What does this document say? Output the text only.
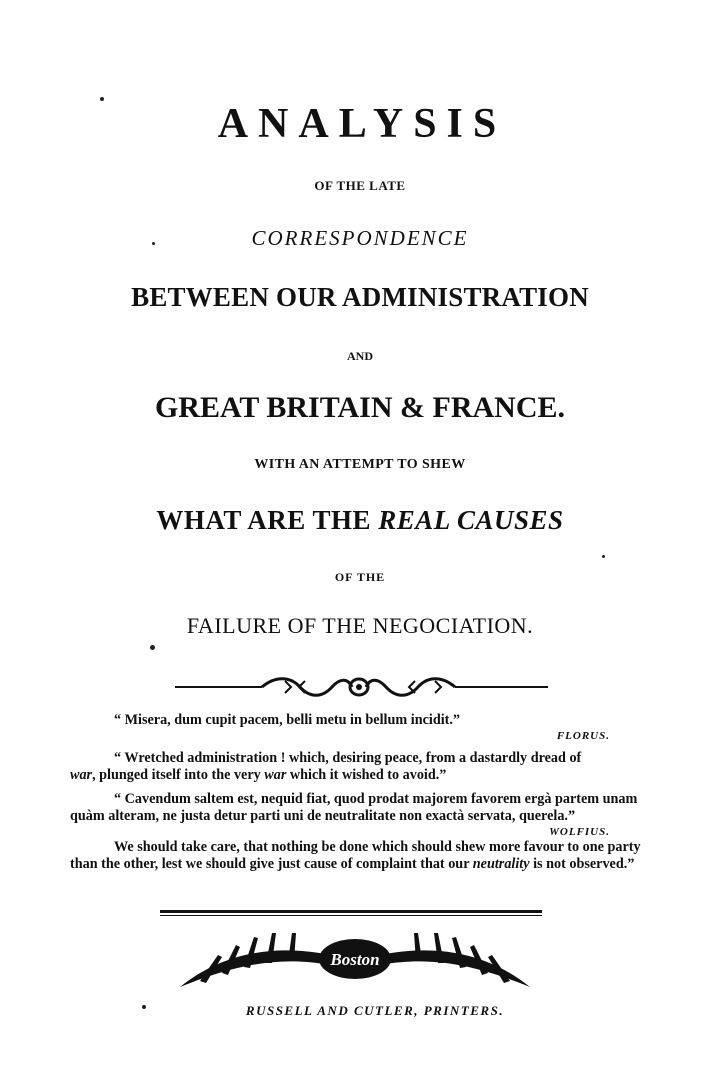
ANALYSIS
OF THE LATE
CORRESPONDENCE
BETWEEN OUR ADMINISTRATION
AND
GREAT BRITAIN & FRANCE.
WITH AN ATTEMPT TO SHEW
WHAT ARE THE REAL CAUSES
OF THE
FAILURE OF THE NEGOCIATION.

“ Misera, dum cupit pacem, belli metu in bellum incidit.”

FLORUS.

“ Wretched administration ! which, desiring peace, from a dastardly dread of
war, plunged itself into the very war which it wished to avoid.”

“ Cavendum saltem est, nequid fiat, quod prodat majorem favorem ergà partem unam quàm alteram, ne justa detur parti uni de neutralitate non exactà servata, querela.”

WOLFIUS.

We should take care, that nothing be done which should shew more favour to one party than the other, lest we should give just cause of complaint that our neutrality is not observed.”

Boston
RUSSELL AND CUTLER, PRINTERS.
